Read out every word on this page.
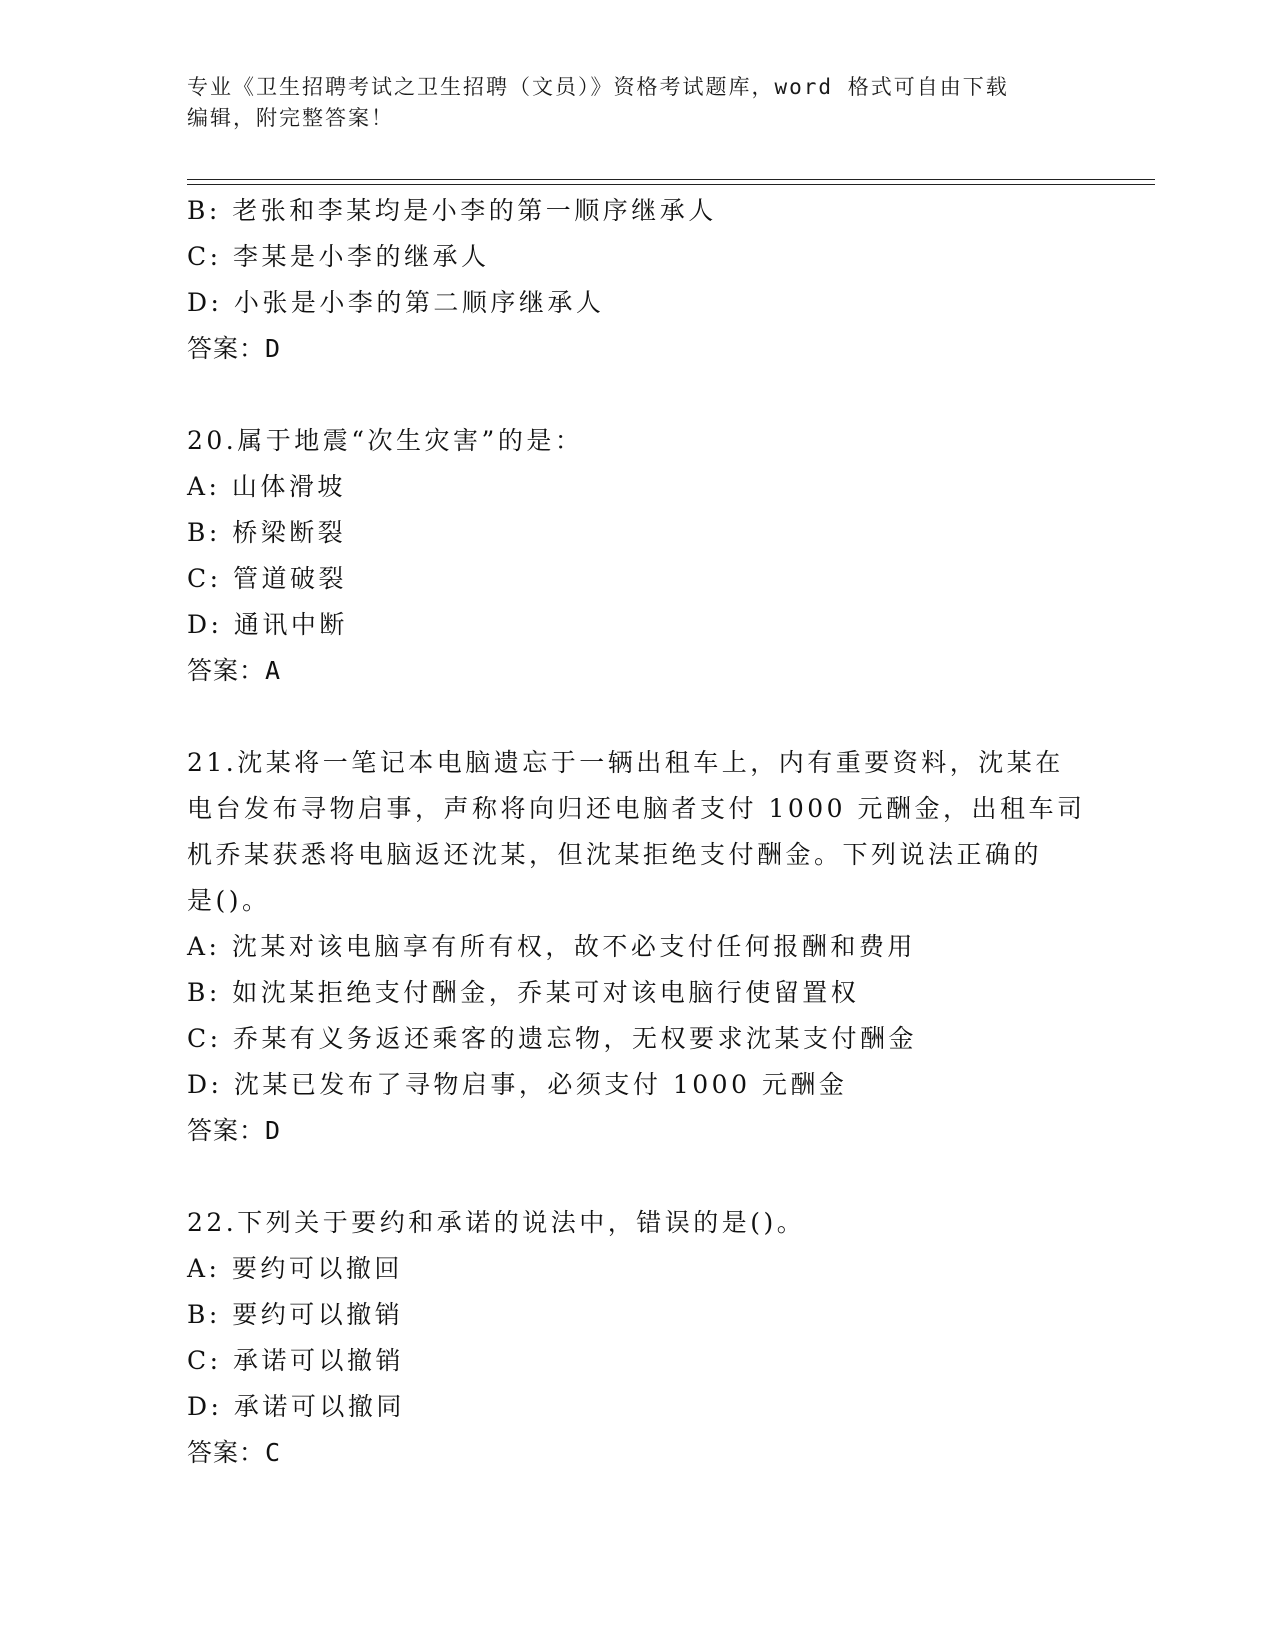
专业《卫生招聘考试之卫生招聘（文员）》资格考试题库，word 格式可自由下载
编辑，附完整答案！
B: 老张和李某均是小李的第一顺序继承人
C: 李某是小李的继承人
D: 小张是小李的第二顺序继承人
答案：D
20.属于地震“次生灾害”的是：
A: 山体滑坡
B: 桥梁断裂
C: 管道破裂
D: 通讯中断
答案：A
21.沈某将一笔记本电脑遗忘于一辆出租车上，内有重要资料，沈某在
电台发布寻物启事，声称将向归还电脑者支付 1000 元酬金，出租车司
机乔某获悉将电脑返还沈某，但沈某拒绝支付酬金。下列说法正确的
是()。
A: 沈某对该电脑享有所有权，故不必支付任何报酬和费用
B: 如沈某拒绝支付酬金，乔某可对该电脑行使留置权
C: 乔某有义务返还乘客的遗忘物，无权要求沈某支付酬金
D: 沈某已发布了寻物启事，必须支付 1000 元酬金
答案：D
22.下列关于要约和承诺的说法中，错误的是()。
A: 要约可以撤回
B: 要约可以撤销
C: 承诺可以撤销
D: 承诺可以撤同
答案：C
